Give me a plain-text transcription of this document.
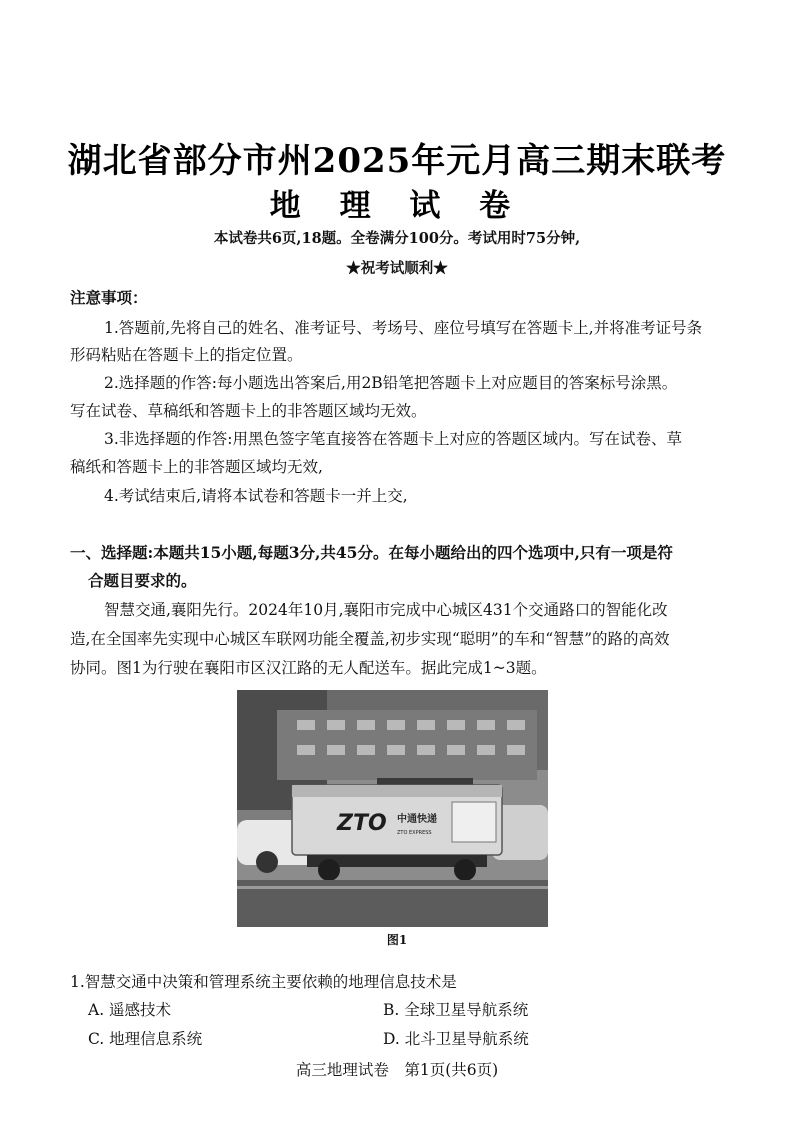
湖北省部分市州2025年元月高三期末联考
地 理 试 卷
本试卷共6页,18题。全卷满分100分。考试用时75分钟,
★祝考试顺利★
注意事项：
1.答题前,先将自己的姓名、准考证号、考场号、座位号填写在答题卡上,并将准考证号条
形码粘贴在答题卡上的指定位置。
2.选择题的作答:每小题选出答案后,用2B铅笔把答题卡上对应题目的答案标号涂黑。
写在试卷、草稿纸和答题卡上的非答题区域均无效。
3.非选择题的作答:用黑色签字笔直接答在答题卡上对应的答题区域内。写在试卷、草
稿纸和答题卡上的非答题区域均无效,
4.考试结束后,请将本试卷和答题卡一并上交,
一、选择题:本题共15小题,每题3分,共45分。在每小题给出的四个选项中,只有一项是符
合题目要求的。
智慧交通,襄阳先行。2024年10月,襄阳市完成中心城区431个交通路口的智能化改
造,在全国率先实现中心城区车联网功能全覆盖,初步实现“聪明”的车和“智慧”的路的高效
协同。图1为行驶在襄阳市区汉江路的无人配送车。据此完成1~3题。
ZTO 中通快递
ZTO EXPRESS
图1
1.智慧交通中决策和管理系统主要依赖的地理信息技术是
A. 遥感技术	B. 全球卫星导航系统
C. 地理信息系统	D. 北斗卫星导航系统
高三地理试卷　第1页(共6页)
